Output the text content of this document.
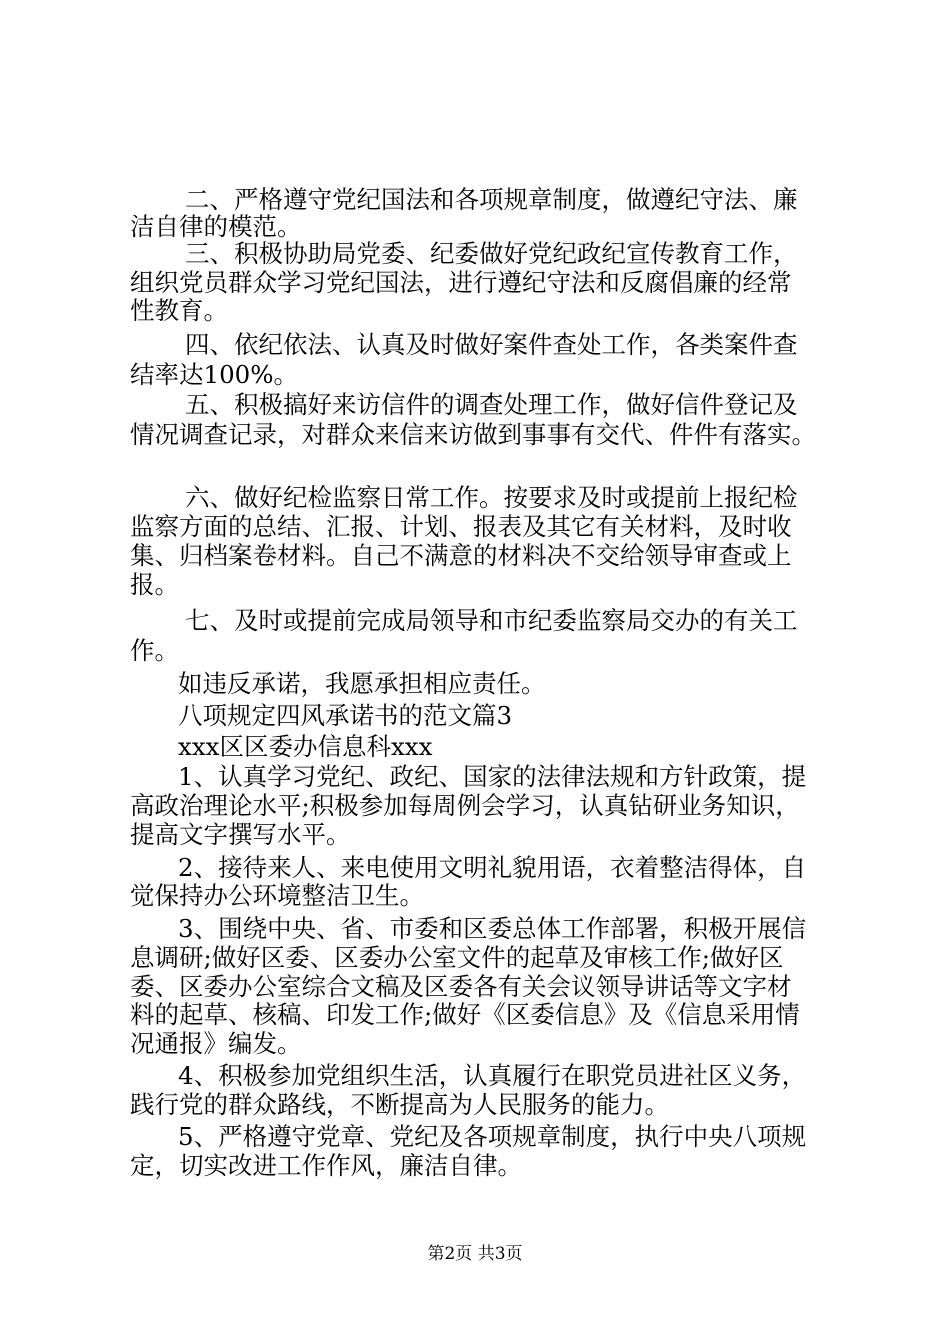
二、严格遵守党纪国法和各项规章制度，做遵纪守法、廉
洁自律的模范。
三、积极协助局党委、纪委做好党纪政纪宣传教育工作，
组织党员群众学习党纪国法，进行遵纪守法和反腐倡廉的经常
性教育。
四、依纪依法、认真及时做好案件查处工作，各类案件查
结率达100%。
五、积极搞好来访信件的调查处理工作，做好信件登记及
情况调查记录，对群众来信来访做到事事有交代、件件有落实。
六、做好纪检监察日常工作。按要求及时或提前上报纪检
监察方面的总结、汇报、计划、报表及其它有关材料，及时收
集、归档案卷材料。自己不满意的材料决不交给领导审查或上
报。
七、及时或提前完成局领导和市纪委监察局交办的有关工
作。
如违反承诺，我愿承担相应责任。
八项规定四风承诺书的范文篇3
xxx区区委办信息科xxx
1、认真学习党纪、政纪、国家的法律法规和方针政策，提
高政治理论水平;积极参加每周例会学习，认真钻研业务知识，
提高文字撰写水平。
2、接待来人、来电使用文明礼貌用语，衣着整洁得体，自
觉保持办公环境整洁卫生。
3、围绕中央、省、市委和区委总体工作部署，积极开展信
息调研;做好区委、区委办公室文件的起草及审核工作;做好区
委、区委办公室综合文稿及区委各有关会议领导讲话等文字材
料的起草、核稿、印发工作;做好《区委信息》及《信息采用情
况通报》编发。
4、积极参加党组织生活，认真履行在职党员进社区义务，
践行党的群众路线，不断提高为人民服务的能力。
5、严格遵守党章、党纪及各项规章制度，执行中央八项规
定，切实改进工作作风，廉洁自律。
第2页 共3页
